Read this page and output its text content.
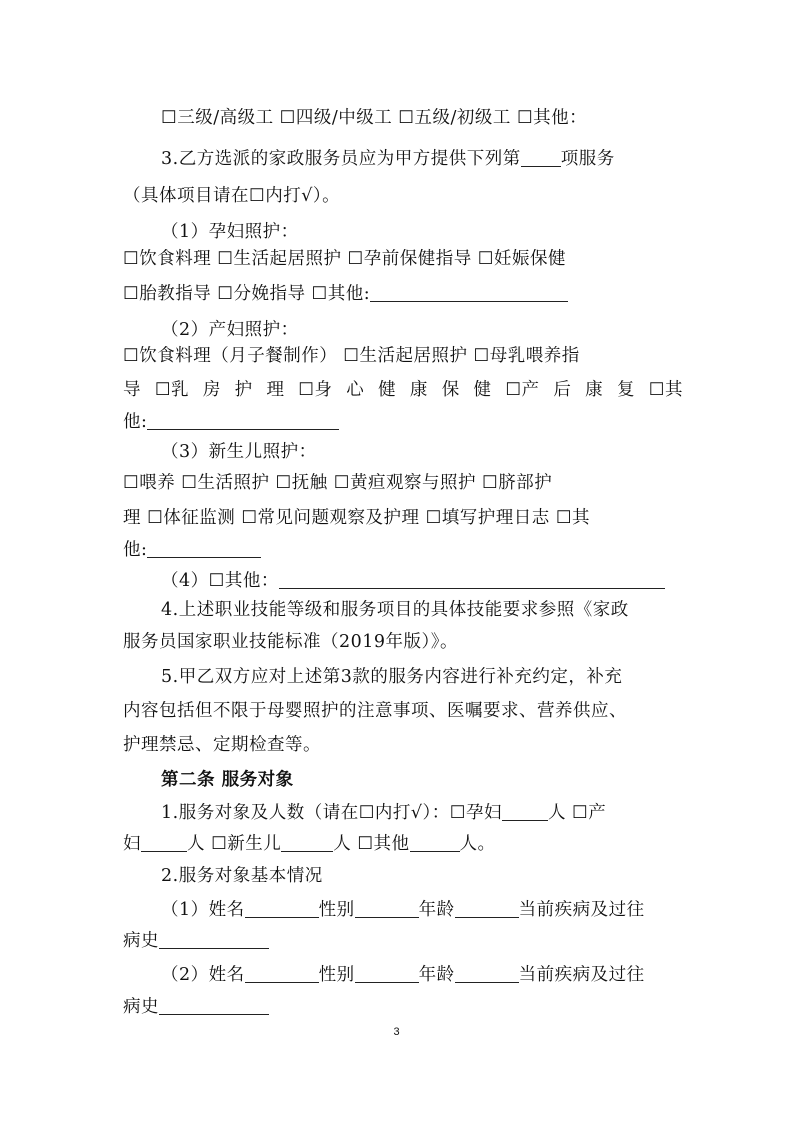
☐三级/高级工 ☐四级/中级工 ☐五级/初级工 ☐其他：
3.乙方选派的家政服务员应为甲方提供下列第 项服务
（具体项目请在☐内打√）。
（1）孕妇照护：
☐饮食料理 ☐生活起居照护 ☐孕前保健指导 ☐妊娠保健
☐胎教指导 ☐分娩指导 ☐其他:
（2）产妇照护：
☐饮食料理（月子餐制作） ☐生活起居照护 ☐母乳喂养指
导 ☐乳 房 护 理 ☐身 心 健 康 保 健 ☐产 后 康 复 ☐其
他:
（3）新生儿照护：
☐喂养 ☐生活照护 ☐抚触 ☐黄疸观察与照护 ☐脐部护
理 ☐体征监测 ☐常见问题观察及护理 ☐填写护理日志 ☐其
他:
（4）☐其他：
4.上述职业技能等级和服务项目的具体技能要求参照《家政
服务员国家职业技能标准（2019年版）》。
5.甲乙双方应对上述第3款的服务内容进行补充约定，补充
内容包括但不限于母婴照护的注意事项、医嘱要求、营养供应、
护理禁忌、定期检查等。
第二条 服务对象
1.服务对象及人数（请在☐内打√）：☐孕妇	人 ☐产
妇	人 ☐新生儿	人 ☐其他	人。
2.服务对象基本情况
（1）姓名	性别	年龄	当前疾病及过往
病史
（2）姓名	性别	年龄	当前疾病及过往
病史
3
